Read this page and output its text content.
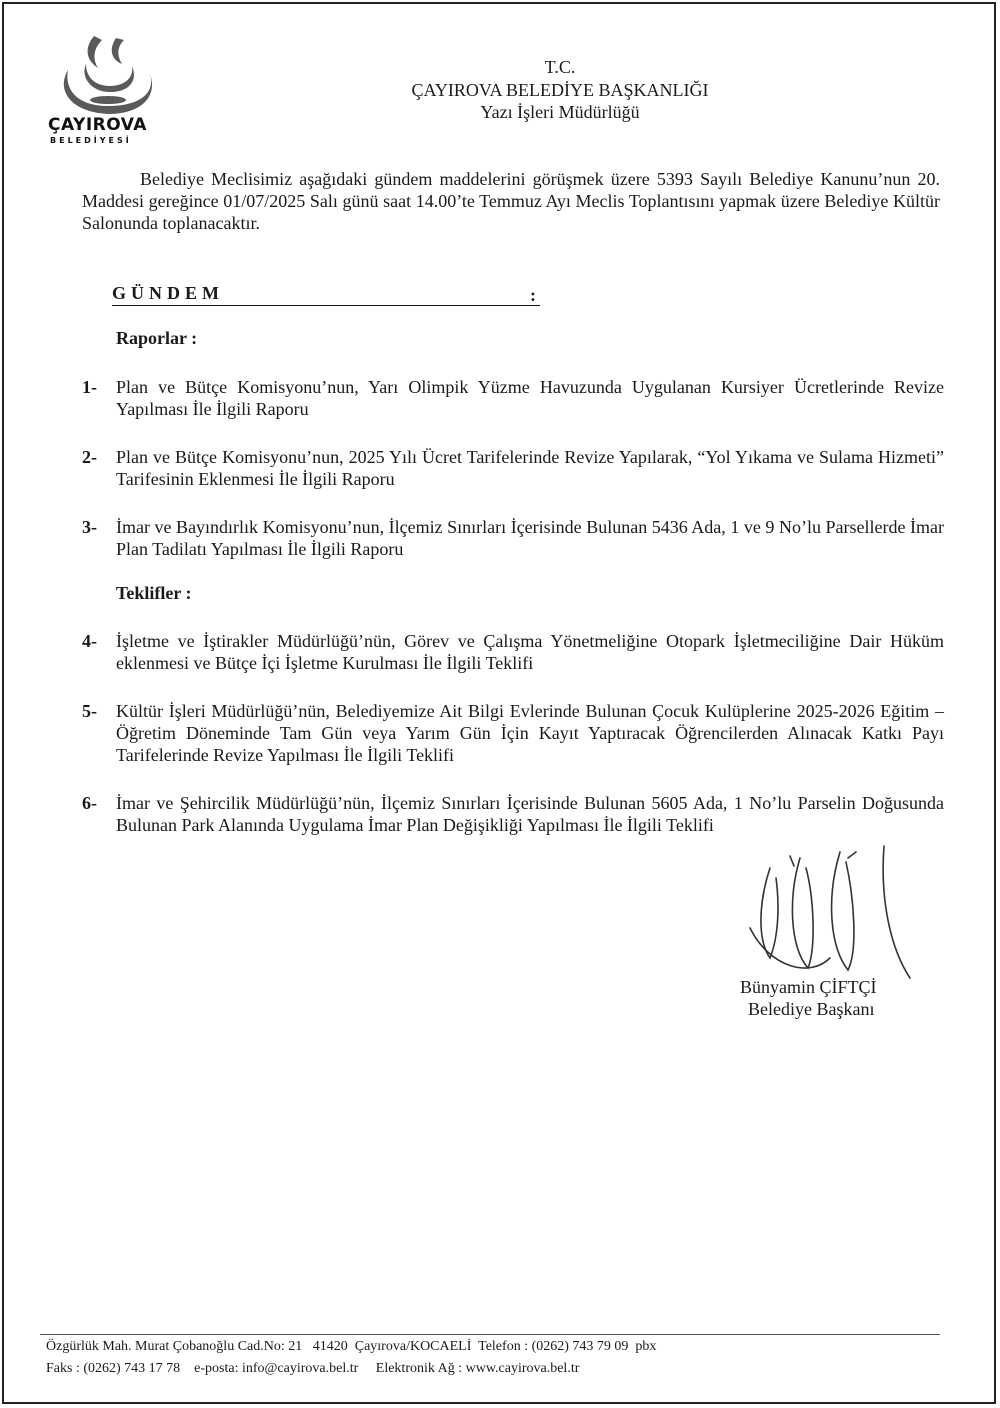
ÇAYIROVA
BELEDİYESİ
T.C.
ÇAYIROVA BELEDİYE BAŞKANLIĞI
Yazı İşleri Müdürlüğü
Belediye Meclisimiz aşağıdaki gündem maddelerini görüşmek üzere 5393 Sayılı Belediye Kanunu’nun 20. Maddesi gereğince 01/07/2025 Salı günü saat 14.00’te Temmuz Ayı Meclis Toplantısını yapmak üzere Belediye Kültür Salonunda toplanacaktır.
GÜNDEM	:
Raporlar :
1- Plan ve Bütçe Komisyonu’nun, Yarı Olimpik Yüzme Havuzunda Uygulanan Kursiyer Ücretlerinde Revize Yapılması İle İlgili Raporu
2- Plan ve Bütçe Komisyonu’nun, 2025 Yılı Ücret Tarifelerinde Revize Yapılarak, “Yol Yıkama ve Sulama Hizmeti” Tarifesinin Eklenmesi İle İlgili Raporu
3- İmar ve Bayındırlık Komisyonu’nun, İlçemiz Sınırları İçerisinde Bulunan 5436 Ada, 1 ve 9 No’lu Parsellerde İmar Plan Tadilatı Yapılması İle İlgili Raporu
Teklifler :
4- İşletme ve İştirakler Müdürlüğü’nün, Görev ve Çalışma Yönetmeliğine Otopark İşletmeciliğine Dair Hüküm eklenmesi ve Bütçe İçi İşletme Kurulması İle İlgili Teklifi
5- Kültür İşleri Müdürlüğü’nün, Belediyemize Ait Bilgi Evlerinde Bulunan Çocuk Kulüplerine 2025-2026 Eğitim – Öğretim Döneminde Tam Gün veya Yarım Gün İçin Kayıt Yaptıracak Öğrencilerden Alınacak Katkı Payı Tarifelerinde Revize Yapılması İle İlgili Teklifi
6- İmar ve Şehircilik Müdürlüğü’nün, İlçemiz Sınırları İçerisinde Bulunan 5605 Ada, 1 No’lu Parselin Doğusunda Bulunan Park Alanında Uygulama İmar Plan Değişikliği Yapılması İle İlgili Teklifi
Bünyamin ÇİFTÇİ
Belediye Başkanı
Özgürlük Mah. Murat Çobanoğlu Cad.No: 21   41420  Çayırova/KOCAELİ  Telefon : (0262) 743 79 09  pbx
Faks : (0262) 743 17 78    e-posta: info@cayirova.bel.tr     Elektronik Ağ : www.cayirova.bel.tr
